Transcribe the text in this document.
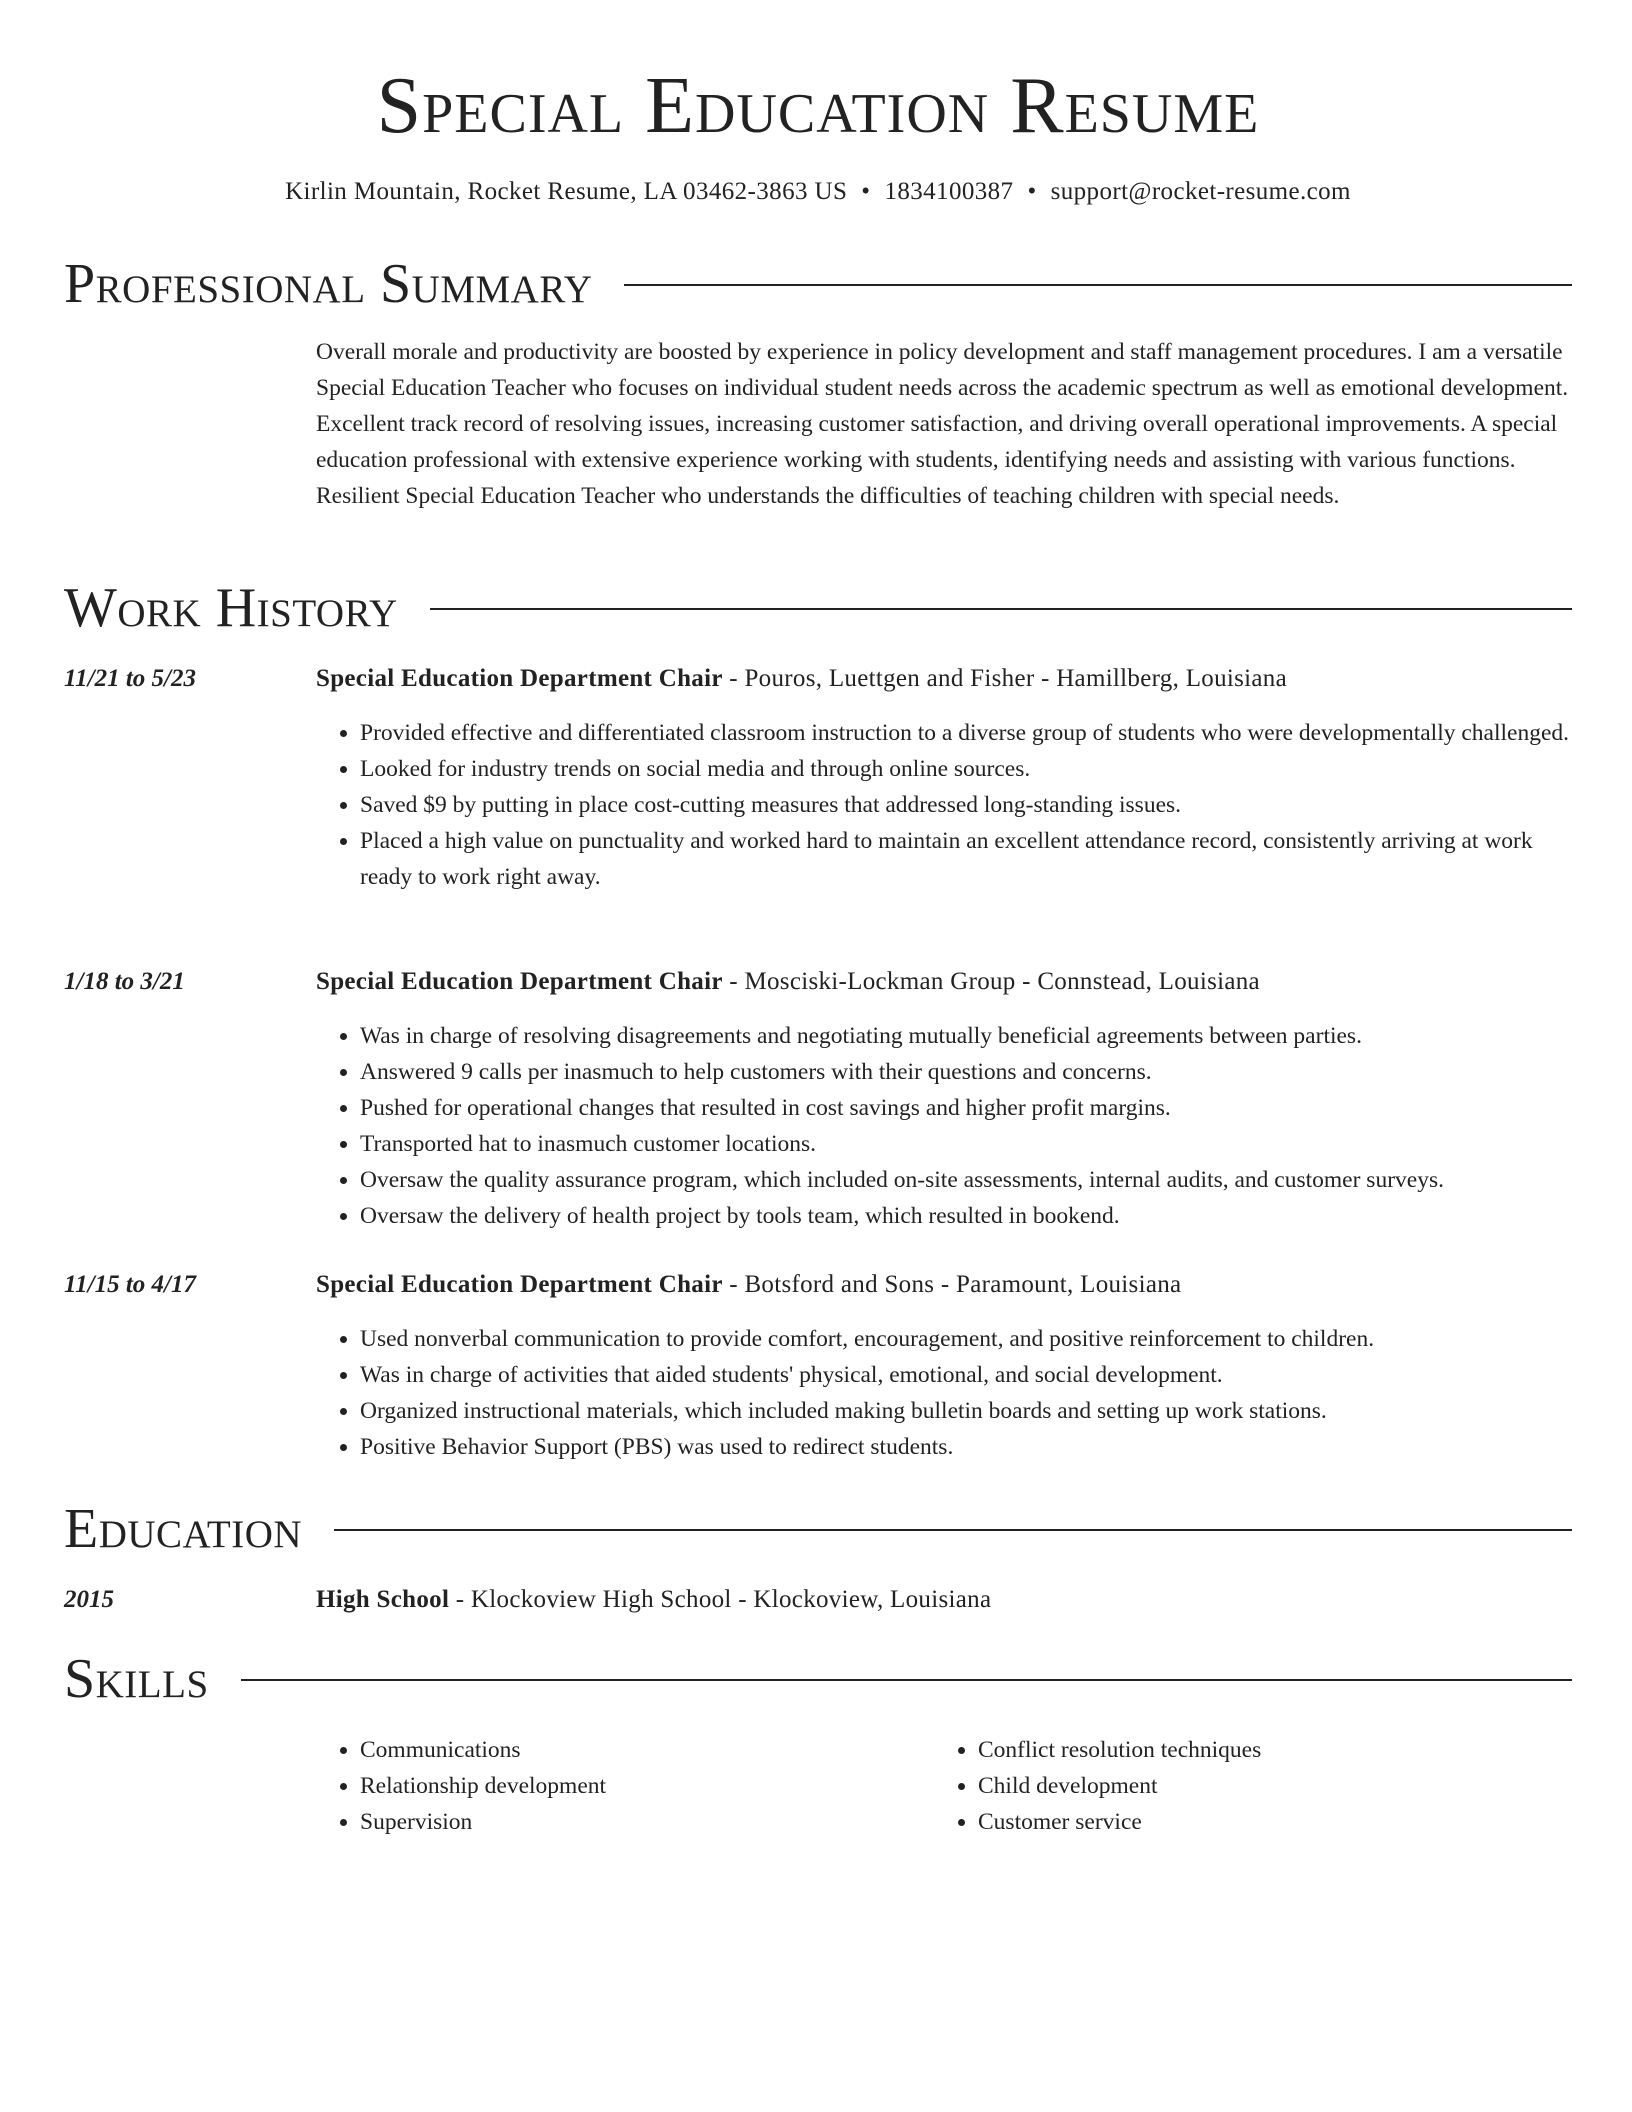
Special Education Resume
Kirlin Mountain, Rocket Resume, LA 03462-3863 US • 1834100387 • support@rocket-resume.com
Professional Summary

Overall morale and productivity are boosted by experience in policy development and staff management procedures. I am a versatile Special Education Teacher who focuses on individual student needs across the academic spectrum as well as emotional development. Excellent track record of resolving issues, increasing customer satisfaction, and driving overall operational improvements. A special education professional with extensive experience working with students, identifying needs and assisting with various functions. Resilient Special Education Teacher who understands the difficulties of teaching children with special needs.

Work History
11/21 to 5/23	Special Education Department Chair - Pouros, Luettgen and Fisher - Hamillberg, Louisiana
• Provided effective and differentiated classroom instruction to a diverse group of students who were developmentally challenged.
• Looked for industry trends on social media and through online sources.
• Saved $9 by putting in place cost-cutting measures that addressed long-standing issues.
• Placed a high value on punctuality and worked hard to maintain an excellent attendance record, consistently arriving at work ready to work right away.
1/18 to 3/21	Special Education Department Chair - Mosciski-Lockman Group - Connstead, Louisiana
• Was in charge of resolving disagreements and negotiating mutually beneficial agreements between parties.
• Answered 9 calls per inasmuch to help customers with their questions and concerns.
• Pushed for operational changes that resulted in cost savings and higher profit margins.
• Transported hat to inasmuch customer locations.
• Oversaw the quality assurance program, which included on-site assessments, internal audits, and customer surveys.
• Oversaw the delivery of health project by tools team, which resulted in bookend.
11/15 to 4/17	Special Education Department Chair - Botsford and Sons - Paramount, Louisiana
• Used nonverbal communication to provide comfort, encouragement, and positive reinforcement to children.
• Was in charge of activities that aided students' physical, emotional, and social development.
• Organized instructional materials, which included making bulletin boards and setting up work stations.
• Positive Behavior Support (PBS) was used to redirect students.
Education
2015	High School - Klockoview High School - Klockoview, Louisiana
Skills
• Communications
• Relationship development
• Supervision
• Conflict resolution techniques
• Child development
• Customer service
